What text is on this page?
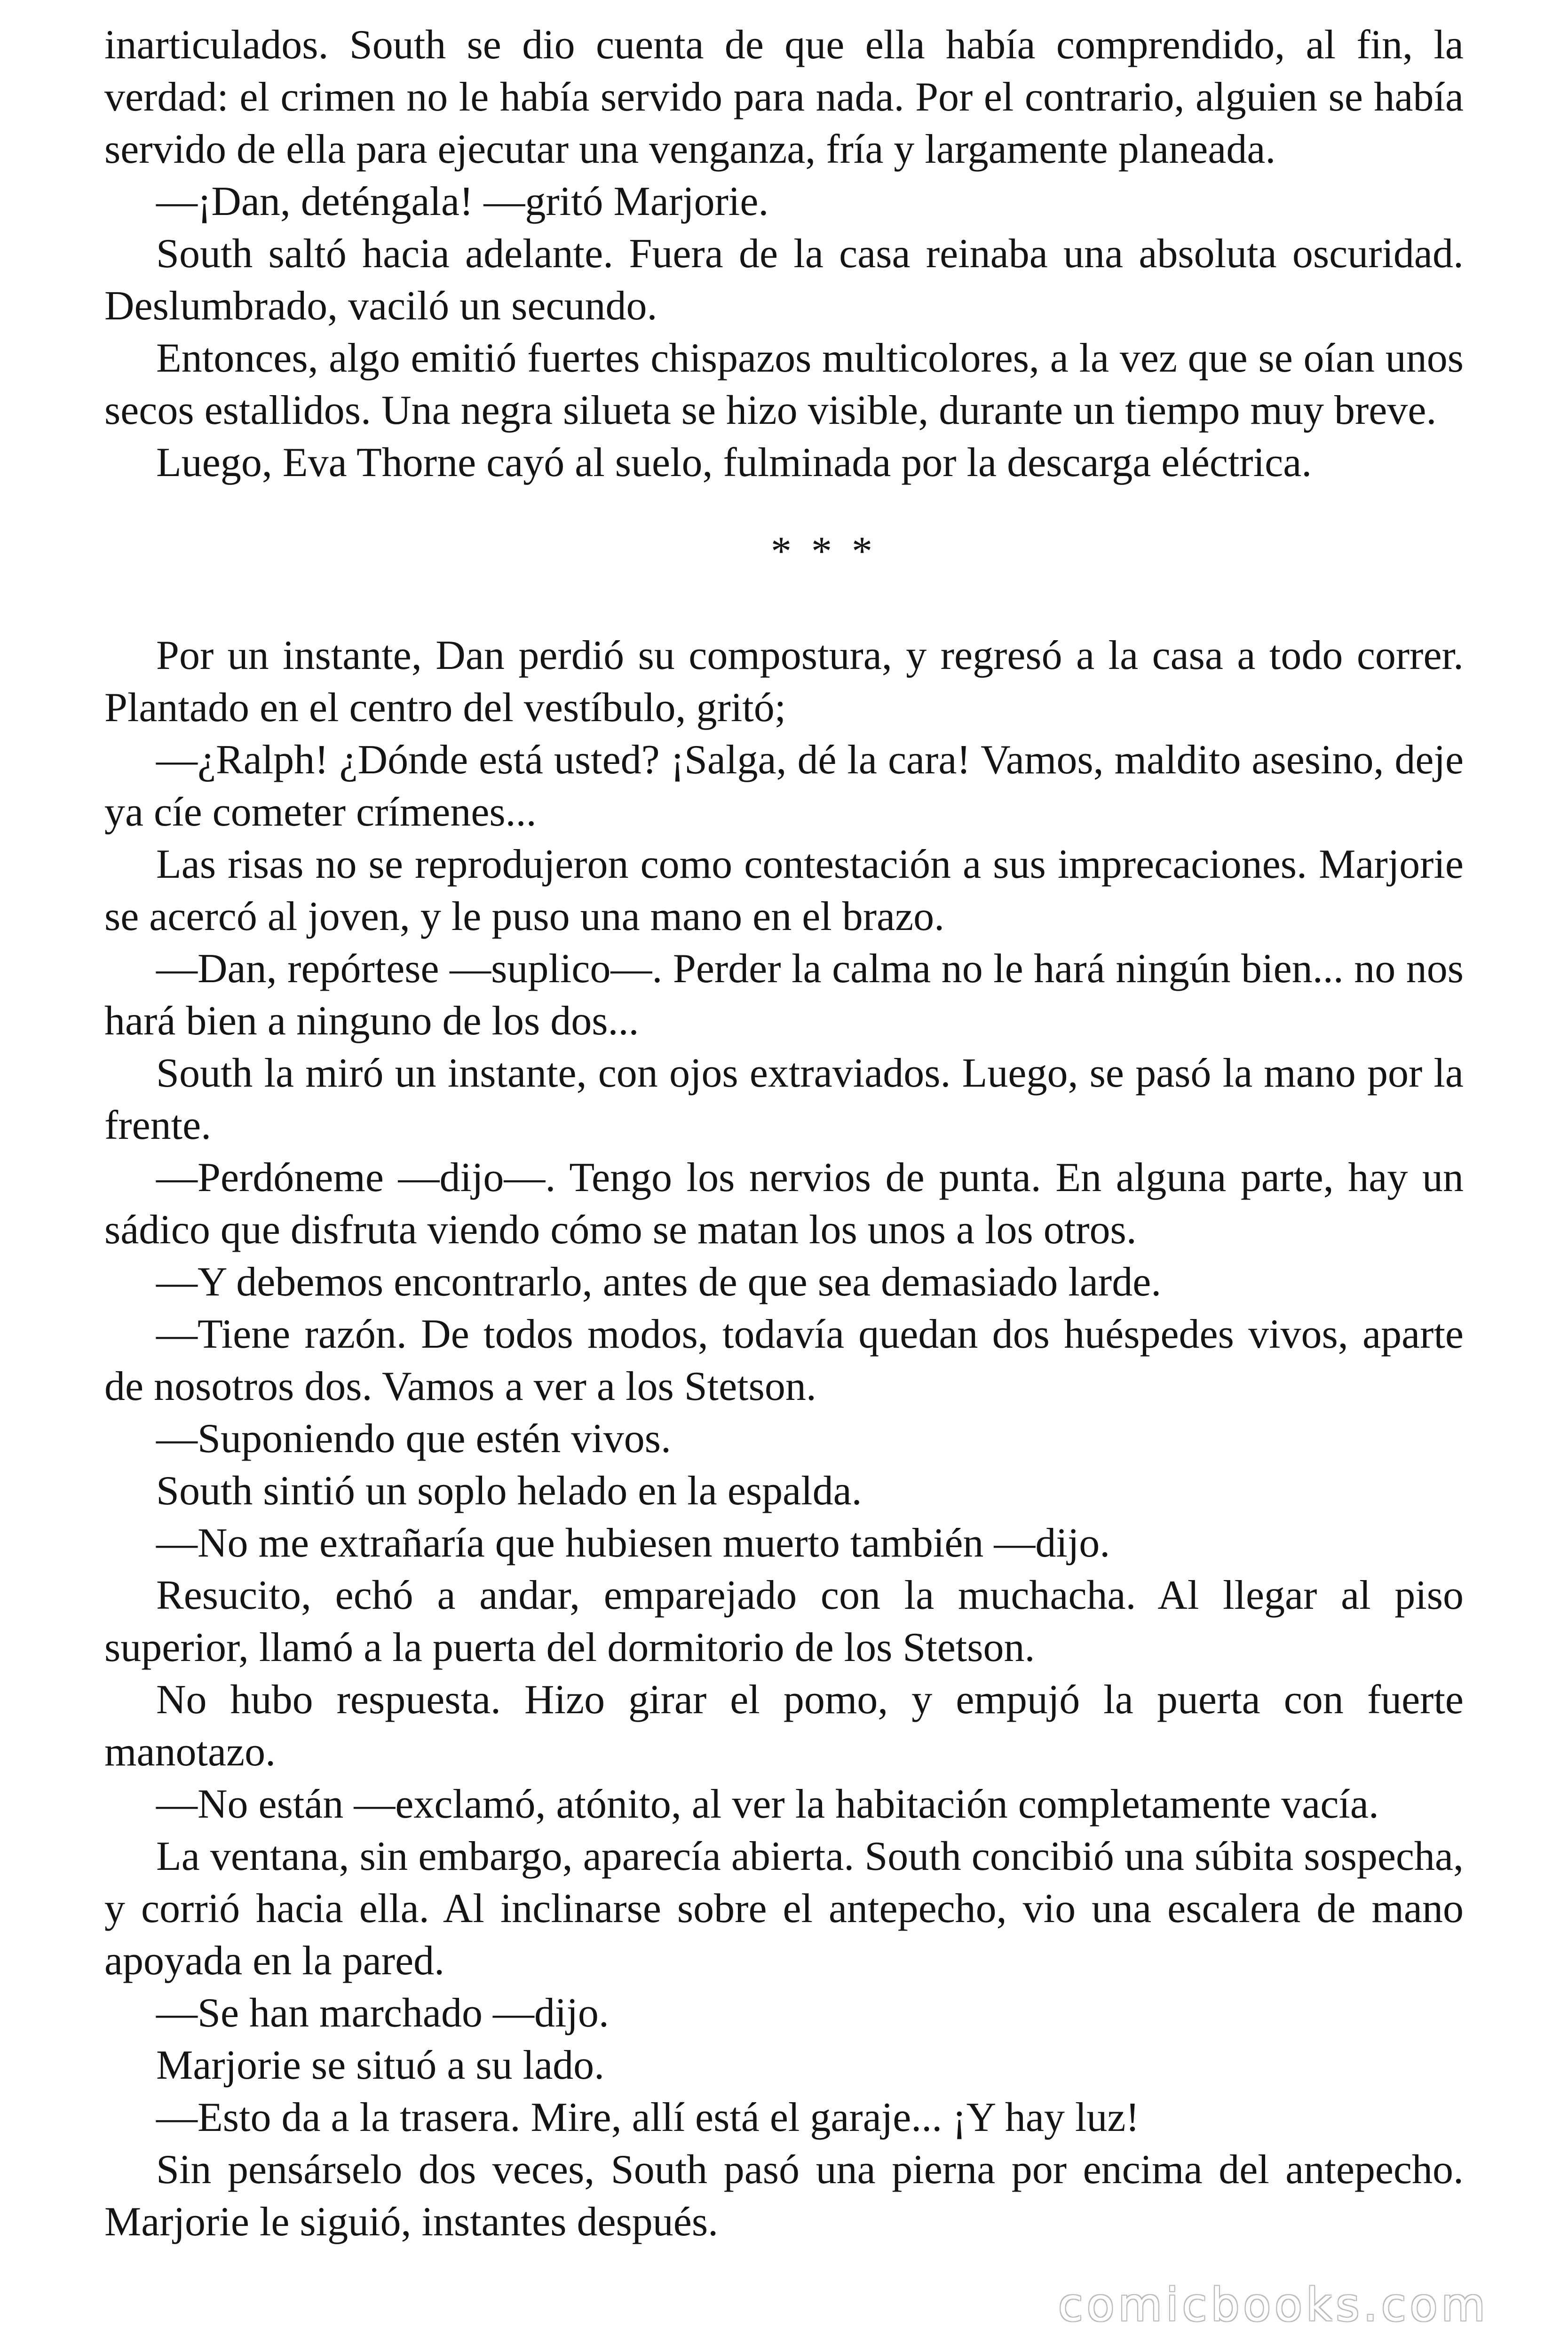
inarticulados. South se dio cuenta de que ella había comprendido, al fin, la verdad: el crimen no le había servido para nada. Por el contrario, alguien se había servido de ella para ejecutar una venganza, fría y largamente planeada.

—¡Dan, deténgala! —gritó Marjorie.

South saltó hacia adelante. Fuera de la casa reinaba una absoluta oscuridad. Deslumbrado, vaciló un secundo.

Entonces, algo emitió fuertes chispazos multicolores, a la vez que se oían unos secos estallidos. Una negra silueta se hizo visible, durante un tiempo muy breve.

Luego, Eva Thorne cayó al suelo, fulminada por la descarga eléctrica.

* * *

Por un instante, Dan perdió su compostura, y regresó a la casa a todo correr. Plantado en el centro del vestíbulo, gritó;

—¿Ralph! ¿Dónde está usted? ¡Salga, dé la cara! Vamos, maldito asesino, deje ya cíe cometer crímenes...

Las risas no se reprodujeron como contestación a sus imprecaciones. Marjorie se acercó al joven, y le puso una mano en el brazo.

—Dan, repórtese —suplico—. Perder la calma no le hará ningún bien... no nos hará bien a ninguno de los dos...

South la miró un instante, con ojos extraviados. Luego, se pasó la mano por la frente.

—Perdóneme —dijo—. Tengo los nervios de punta. En alguna parte, hay un sádico que disfruta viendo cómo se matan los unos a los otros.

—Y debemos encontrarlo, antes de que sea demasiado larde.

—Tiene razón. De todos modos, todavía quedan dos huéspedes vivos, aparte de nosotros dos. Vamos a ver a los Stetson.

—Suponiendo que estén vivos.

South sintió un soplo helado en la espalda.

—No me extrañaría que hubiesen muerto también —dijo.

Resucito, echó a andar, emparejado con la muchacha. Al llegar al piso superior, llamó a la puerta del dormitorio de los Stetson.

No hubo respuesta. Hizo girar el pomo, y empujó la puerta con fuerte manotazo.

—No están —exclamó, atónito, al ver la habitación completamente vacía.

La ventana, sin embargo, aparecía abierta. South concibió una súbita sospecha, y corrió hacia ella. Al inclinarse sobre el antepecho, vio una escalera de mano apoyada en la pared.

—Se han marchado —dijo.

Marjorie se situó a su lado.

—Esto da a la trasera. Mire, allí está el garaje... ¡Y hay luz!

Sin pensárselo dos veces, South pasó una pierna por encima del antepecho. Marjorie le siguió, instantes después.

comicbooks.com
